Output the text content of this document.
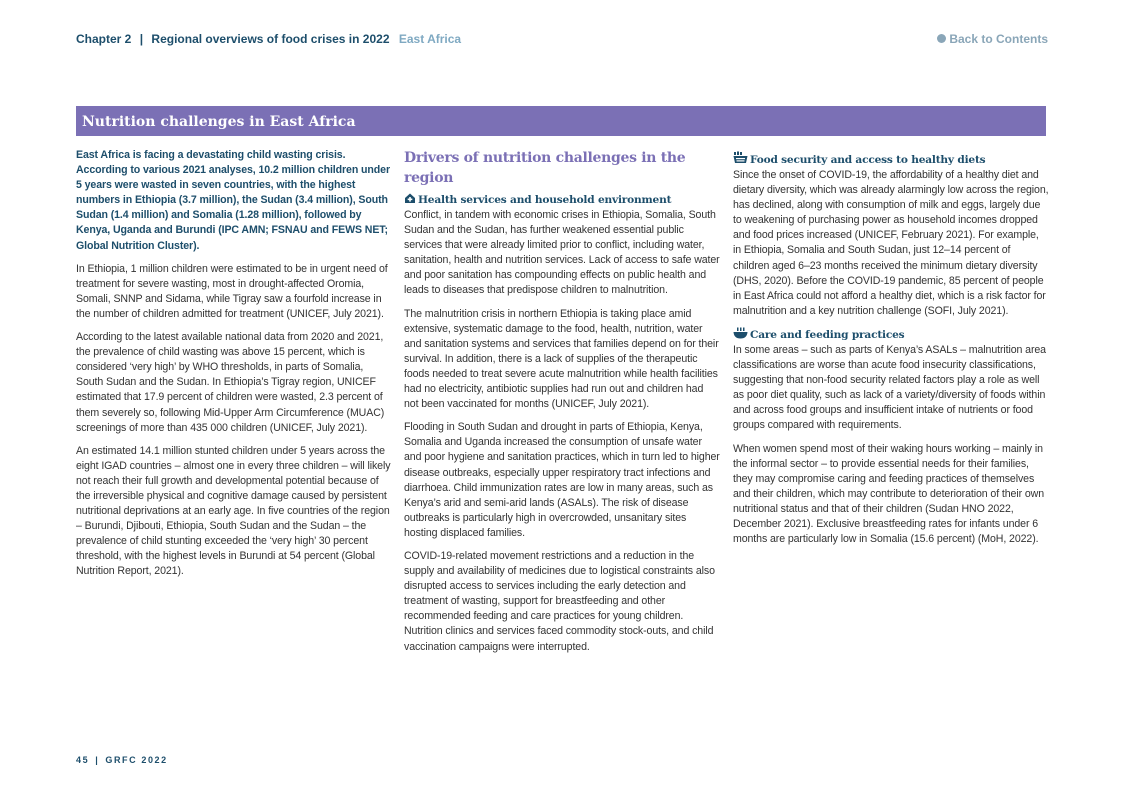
Chapter 2 | Regional overviews of food crises in 2022 East Africa	Back to Contents
Nutrition challenges in East Africa

East Africa is facing a devastating child wasting crisis. According to various 2021 analyses, 10.2 million children under 5 years were wasted in seven countries, with the highest numbers in Ethiopia (3.7 million), the Sudan (3.4 million), South Sudan (1.4 million) and Somalia (1.28 million), followed by Kenya, Uganda and Burundi (IPC AMN; FSNAU and FEWS NET; Global Nutrition Cluster).

In Ethiopia, 1 million children were estimated to be in urgent need of treatment for severe wasting, most in drought-affected Oromia, Somali, SNNP and Sidama, while Tigray saw a fourfold increase in the number of children admitted for treatment (UNICEF, July 2021).

According to the latest available national data from 2020 and 2021, the prevalence of child wasting was above 15 percent, which is considered ‘very high’ by WHO thresholds, in parts of Somalia, South Sudan and the Sudan. In Ethiopia’s Tigray region, UNICEF estimated that 17.9 percent of children were wasted, 2.3 percent of them severely so, following Mid-Upper Arm Circumference (MUAC) screenings of more than 435 000 children (UNICEF, July 2021).

An estimated 14.1 million stunted children under 5 years across the eight IGAD countries – almost one in every three children – will likely not reach their full growth and developmental potential because of the irreversible physical and cognitive damage caused by persistent nutritional deprivations at an early age. In five countries of the region – Burundi, Djibouti, Ethiopia, South Sudan and the Sudan – the prevalence of child stunting exceeded the ‘very high’ 30 percent threshold, with the highest levels in Burundi at 54 percent (Global Nutrition Report, 2021).

Drivers of nutrition challenges in the region
Health services and household environment

Conflict, in tandem with economic crises in Ethiopia, Somalia, South Sudan and the Sudan, has further weakened essential public services that were already limited prior to conflict, including water, sanitation, health and nutrition services. Lack of access to safe water and poor sanitation has compounding effects on public health and leads to diseases that predispose children to malnutrition.

The malnutrition crisis in northern Ethiopia is taking place amid extensive, systematic damage to the food, health, nutrition, water and sanitation systems and services that families depend on for their survival. In addition, there is a lack of supplies of the therapeutic foods needed to treat severe acute malnutrition while health facilities had no electricity, antibiotic supplies had run out and children had not been vaccinated for months (UNICEF, July 2021).

Flooding in South Sudan and drought in parts of Ethiopia, Kenya, Somalia and Uganda increased the consumption of unsafe water and poor hygiene and sanitation practices, which in turn led to higher disease outbreaks, especially upper respiratory tract infections and diarrhoea. Child immunization rates are low in many areas, such as Kenya’s arid and semi-arid lands (ASALs). The risk of disease outbreaks is particularly high in overcrowded, unsanitary sites hosting displaced families.

COVID-19-related movement restrictions and a reduction in the supply and availability of medicines due to logistical constraints also disrupted access to services including the early detection and treatment of wasting, support for breastfeeding and other recommended feeding and care practices for young children. Nutrition clinics and services faced commodity stock-outs, and child vaccination campaigns were interrupted.

Food security and access to healthy diets

Since the onset of COVID-19, the affordability of a healthy diet and dietary diversity, which was already alarmingly low across the region, has declined, along with consumption of milk and eggs, largely due to weakening of purchasing power as household incomes dropped and food prices increased (UNICEF, February 2021). For example, in Ethiopia, Somalia and South Sudan, just 12–14 percent of children aged 6–23 months received the minimum dietary diversity (DHS, 2020). Before the COVID-19 pandemic, 85 percent of people in East Africa could not afford a healthy diet, which is a risk factor for malnutrition and a key nutrition challenge (SOFI, July 2021).

Care and feeding practices

In some areas – such as parts of Kenya’s ASALs – malnutrition area classifications are worse than acute food insecurity classifications, suggesting that non-food security related factors play a role as well as poor diet quality, such as lack of a variety/diversity of foods within and across food groups and insufficient intake of nutrients or food groups compared with requirements.

When women spend most of their waking hours working – mainly in the informal sector – to provide essential needs for their families, they may compromise caring and feeding practices of themselves and their children, which may contribute to deterioration of their own nutritional status and that of their children (Sudan HNO 2022, December 2021). Exclusive breastfeeding rates for infants under 6 months are particularly low in Somalia (15.6 percent) (MoH, 2022).

45 | GRFC 2022
